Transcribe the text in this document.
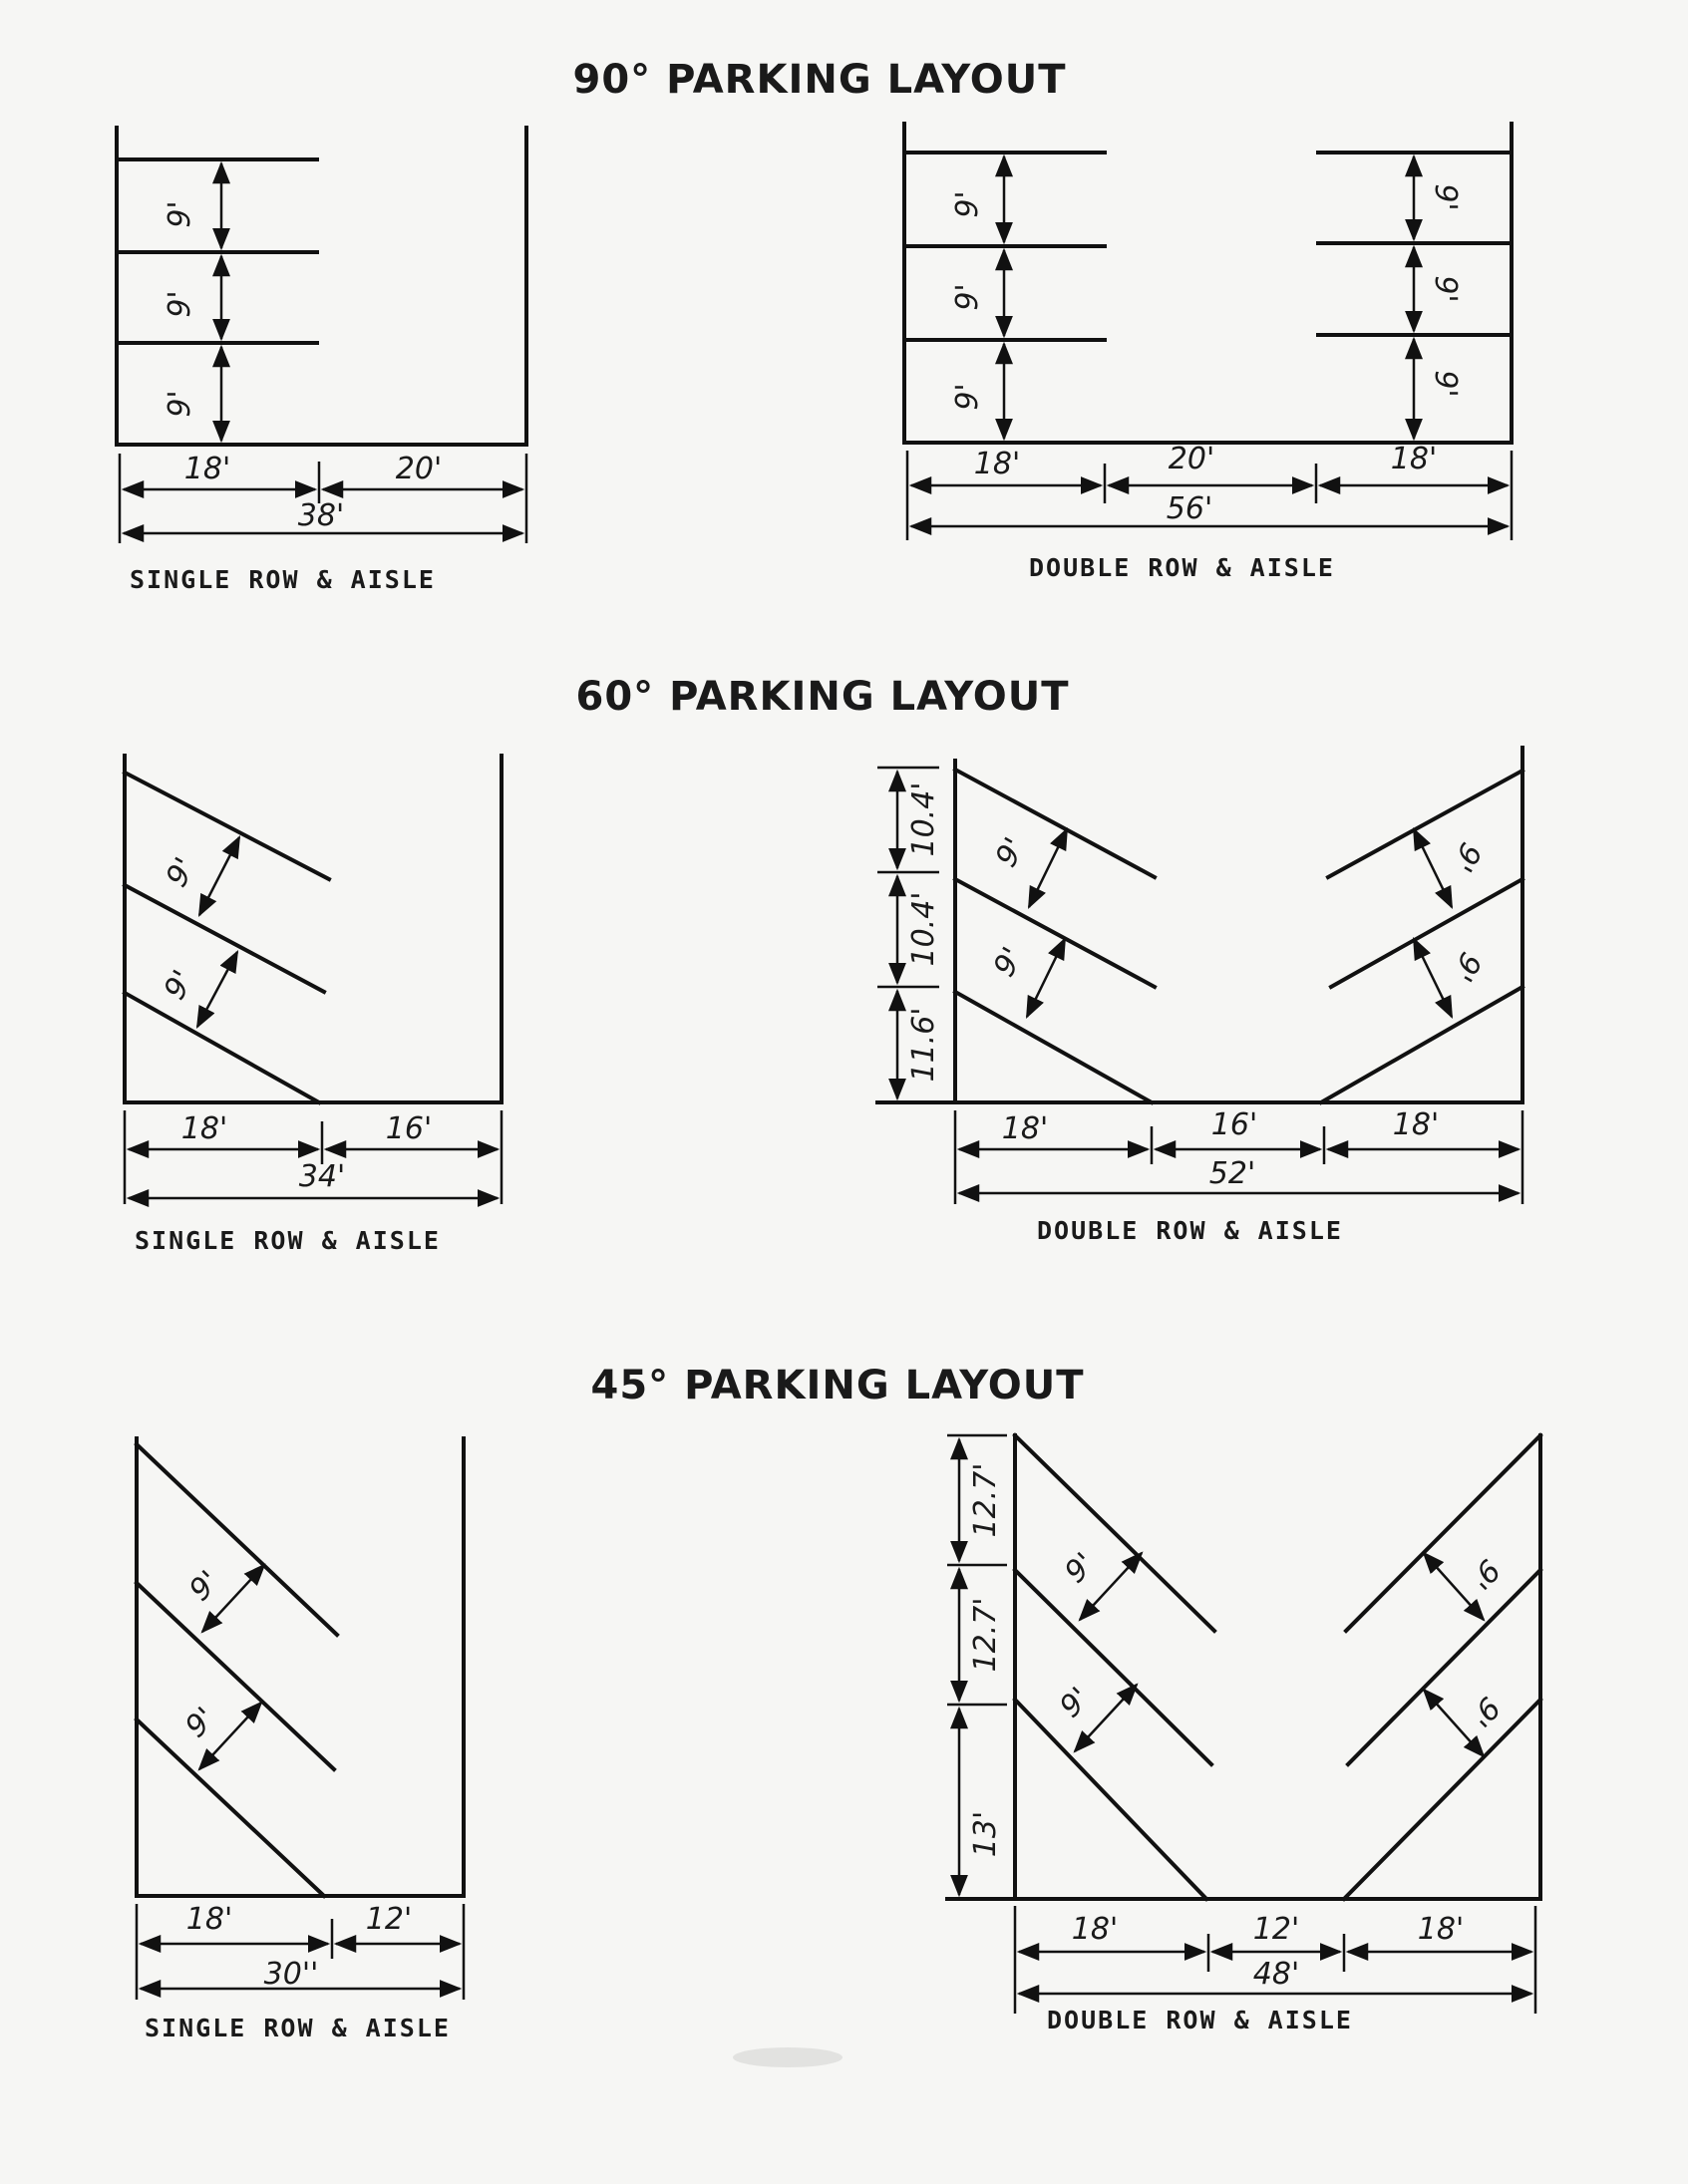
90° PARKING LAYOUT
9'
9'
9'
18'	20'
38'
SINGLE ROW & AISLE
9'
9'
9'
9'
9'
9'
18'	20'	18'
56'
DOUBLE ROW & AISLE
60° PARKING LAYOUT
9'
9'
18'	16'
34'
SINGLE ROW & AISLE
9'
9'
9'
9'
10.4'
10.4'
11.6'
18'	16'	18'
52'
DOUBLE ROW & AISLE
45° PARKING LAYOUT
9'
9'
18'	12'
30''
SINGLE ROW & AISLE
9'
9'
9'
9'
12.7'
12.7'
13'
18'	12'	18'
48'
DOUBLE ROW & AISLE
